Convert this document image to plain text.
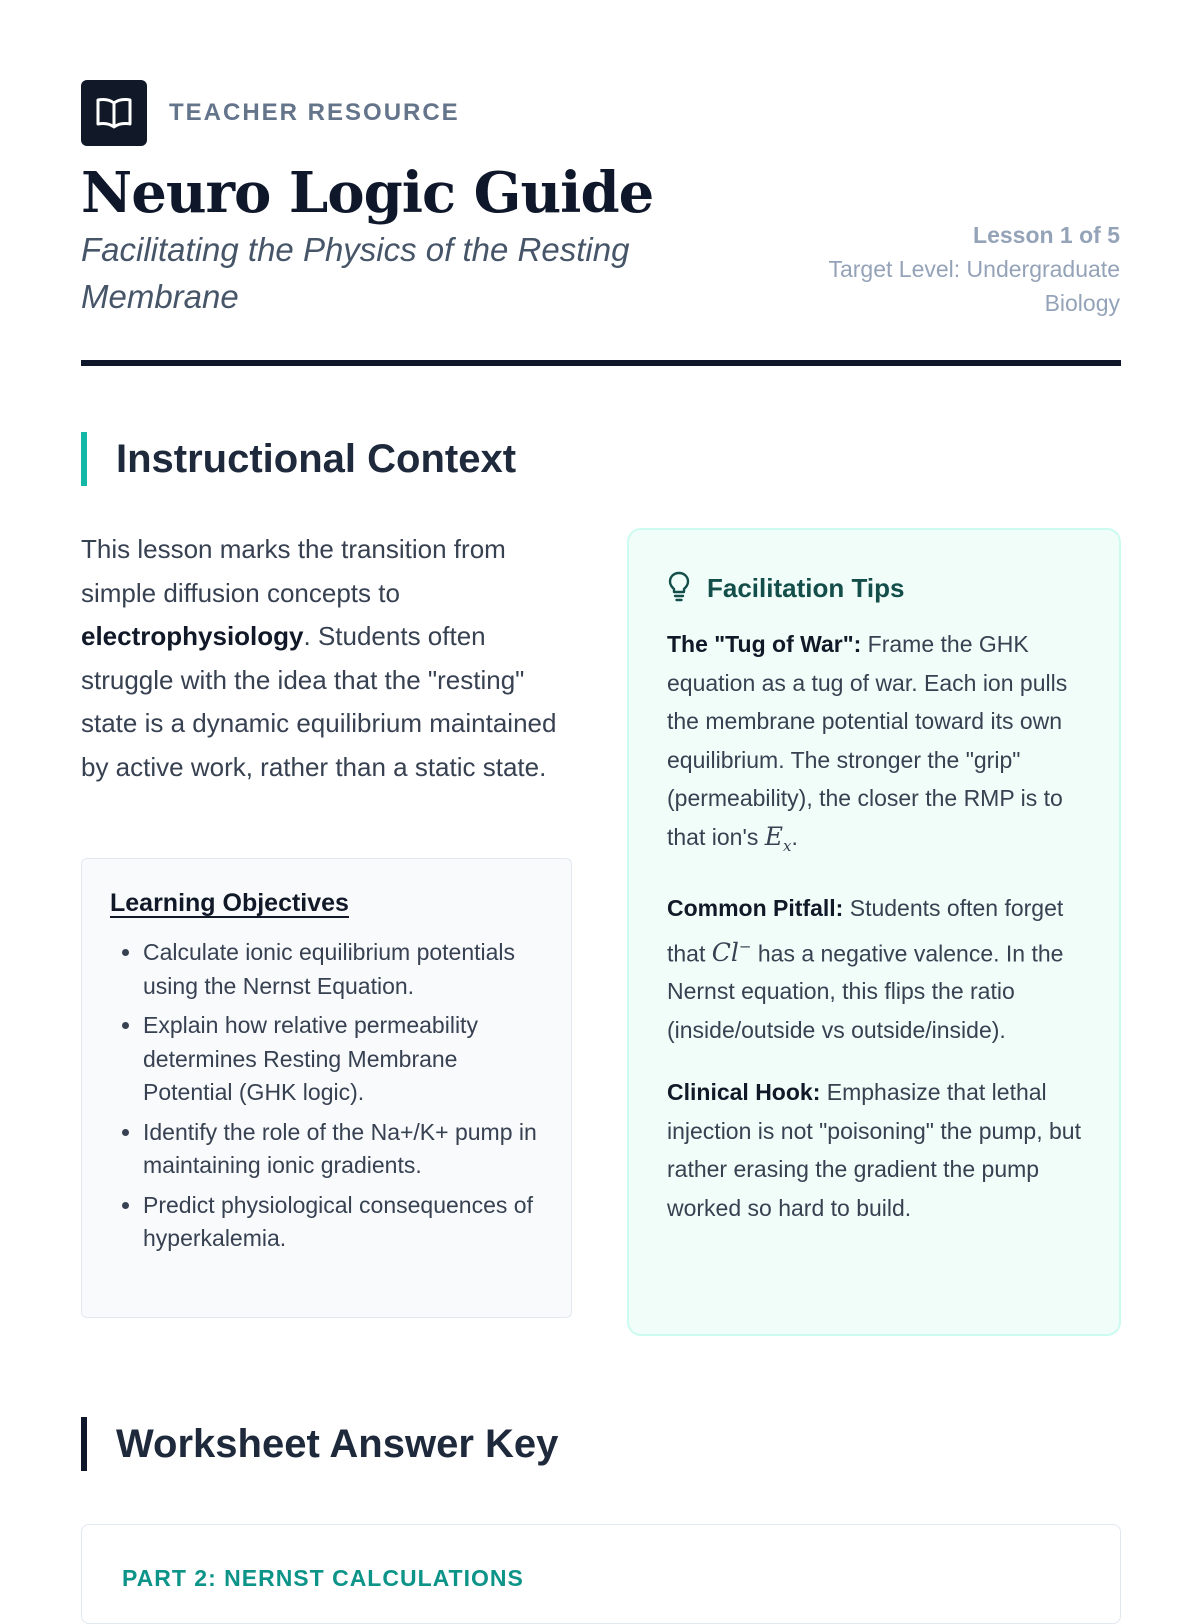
TEACHER RESOURCE
Neuro Logic Guide

Facilitating the Physics of the Resting Membrane

Lesson 1 of 5
Target Level: Undergraduate Biology
Instructional Context

This lesson marks the transition from simple diffusion concepts to electrophysiology. Students often struggle with the idea that the "resting" state is a dynamic equilibrium maintained by active work, rather than a static state.

Learning Objectives
• Calculate ionic equilibrium potentials using the Nernst Equation.
• Explain how relative permeability determines Resting Membrane Potential (GHK logic).
• Identify the role of the Na+/K+ pump in maintaining ionic gradients.
• Predict physiological consequences of hyperkalemia.
Facilitation Tips

The "Tug of War": Frame the GHK equation as a tug of war. Each ion pulls the membrane potential toward its own equilibrium. The stronger the "grip" (permeability), the closer the RMP is to that ion's $E_x$.

Common Pitfall: Students often forget that Cl− has a negative valence. In the Nernst equation, this flips the ratio (inside/outside vs outside/inside).

Clinical Hook: Emphasize that lethal injection is not "poisoning" the pump, but rather erasing the gradient the pump worked so hard to build.

Worksheet Answer Key

PART 2: NERNST CALCULATIONS
